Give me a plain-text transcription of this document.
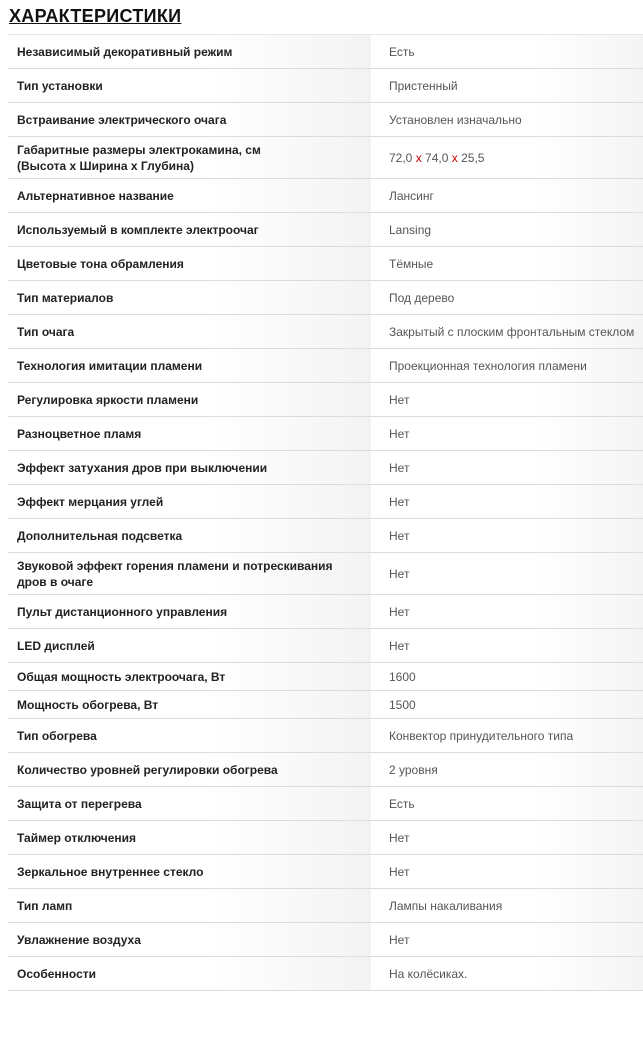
ХАРАКТЕРИСТИКИ
Независимый декоративный режим	Есть
Тип установки	Пристенный
Встраивание электрического очага	Установлен изначально
Габаритные размеры электрокамина, см
(Высота х Ширина х Глубина)	72,0 x 74,0 x 25,5
Альтернативное название	Лансинг
Используемый в комплекте электроочаг	Lansing
Цветовые тона обрамления	Тёмные
Тип материалов	Под дерево
Тип очага	Закрытый с плоским фронтальным стеклом
Технология имитации пламени	Проекционная технология пламени
Регулировка яркости пламени	Нет
Разноцветное пламя	Нет
Эффект затухания дров при выключении	Нет
Эффект мерцания углей	Нет
Дополнительная подсветка	Нет
Звуковой эффект горения пламени и потрескивания
дров в очаге	Нет
Пульт дистанционного управления	Нет
LED дисплей	Нет
Общая мощность электроочага, Вт	1600
Мощность обогрева, Вт	1500
Тип обогрева	Конвектор принудительного типа
Количество уровней регулировки обогрева	2 уровня
Защита от перегрева	Есть
Таймер отключения	Нет
Зеркальное внутреннее стекло	Нет
Тип ламп	Лампы накаливания
Увлажнение воздуха	Нет
Особенности	На колёсиках.
